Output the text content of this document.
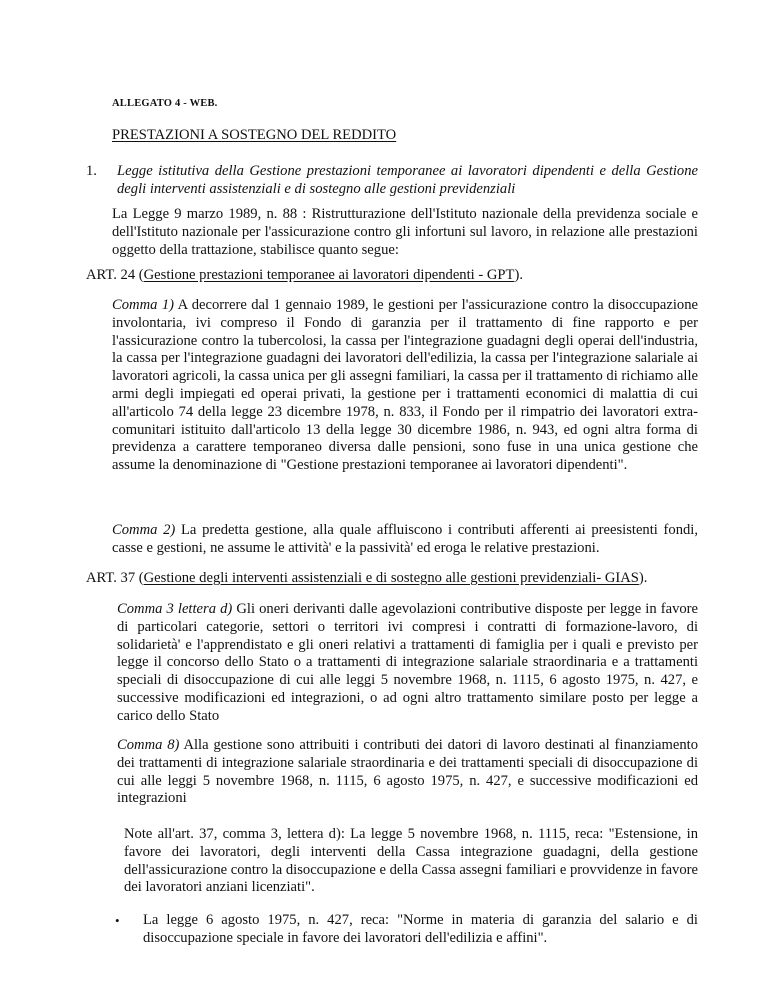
ALLEGATO 4 - WEB.
PRESTAZIONI A SOSTEGNO DEL REDDITO
1. Legge istitutiva della Gestione prestazioni temporanee ai lavoratori dipendenti e della Gestione degli interventi assistenziali e di sostegno alle gestioni previdenziali
La Legge 9 marzo 1989, n. 88 : Ristrutturazione dell'Istituto nazionale della previdenza sociale e dell'Istituto nazionale per l'assicurazione contro gli infortuni sul lavoro, in relazione alle prestazioni oggetto della trattazione, stabilisce quanto segue:
ART. 24 (Gestione prestazioni temporanee ai lavoratori dipendenti - GPT).
Comma 1) A decorrere dal 1 gennaio 1989, le gestioni per l'assicurazione contro la disoccupazione involontaria, ivi compreso il Fondo di garanzia per il trattamento di fine rapporto e per l'assicurazione contro la tubercolosi, la cassa per l'integrazione guadagni degli operai dell'industria, la cassa per l'integrazione guadagni dei lavoratori dell'edilizia, la cassa per l'integrazione salariale ai lavoratori agricoli, la cassa unica per gli assegni familiari, la cassa per il trattamento di richiamo alle armi degli impiegati ed operai privati, la gestione per i trattamenti economici di malattia di cui all'articolo 74 della legge 23 dicembre 1978, n. 833, il Fondo per il rimpatrio dei lavoratori extra-comunitari istituito dall'articolo 13 della legge 30 dicembre 1986, n. 943, ed ogni altra forma di previdenza a carattere temporaneo diversa dalle pensioni, sono fuse in una unica gestione che assume la denominazione di "Gestione prestazioni temporanee ai lavoratori dipendenti".
Comma 2) La predetta gestione, alla quale affluiscono i contributi afferenti ai preesistenti fondi, casse e gestioni, ne assume le attività' e la passività' ed eroga le relative prestazioni.
ART. 37 (Gestione degli interventi assistenziali e di sostegno alle gestioni previdenziali- GIAS).
Comma 3 lettera d) Gli oneri derivanti dalle agevolazioni contributive disposte per legge in favore di particolari categorie, settori o territori ivi compresi i contratti di formazione-lavoro, di solidarietà' e l'apprendistato e gli oneri relativi a trattamenti di famiglia per i quali e previsto per legge il concorso dello Stato o a trattamenti di integrazione salariale straordinaria e a trattamenti speciali di disoccupazione di cui alle leggi 5 novembre 1968, n. 1115, 6 agosto 1975, n. 427, e successive modificazioni ed integrazioni, o ad ogni altro trattamento similare posto per legge a carico dello Stato
Comma 8) Alla gestione sono attribuiti i contributi dei datori di lavoro destinati al finanziamento dei trattamenti di integrazione salariale straordinaria e dei trattamenti speciali di disoccupazione di cui alle leggi 5 novembre 1968, n. 1115, 6 agosto 1975, n. 427, e successive modificazioni ed integrazioni
Note all'art. 37, comma 3, lettera d): La legge 5 novembre 1968, n. 1115, reca: "Estensione, in favore dei lavoratori, degli interventi della Cassa integrazione guadagni, della gestione dell'assicurazione contro la disoccupazione e della Cassa assegni familiari e provvidenze in favore dei lavoratori anziani licenziati".
• La legge 6 agosto 1975, n. 427, reca: "Norme in materia di garanzia del salario e di disoccupazione speciale in favore dei lavoratori dell'edilizia e affini".
